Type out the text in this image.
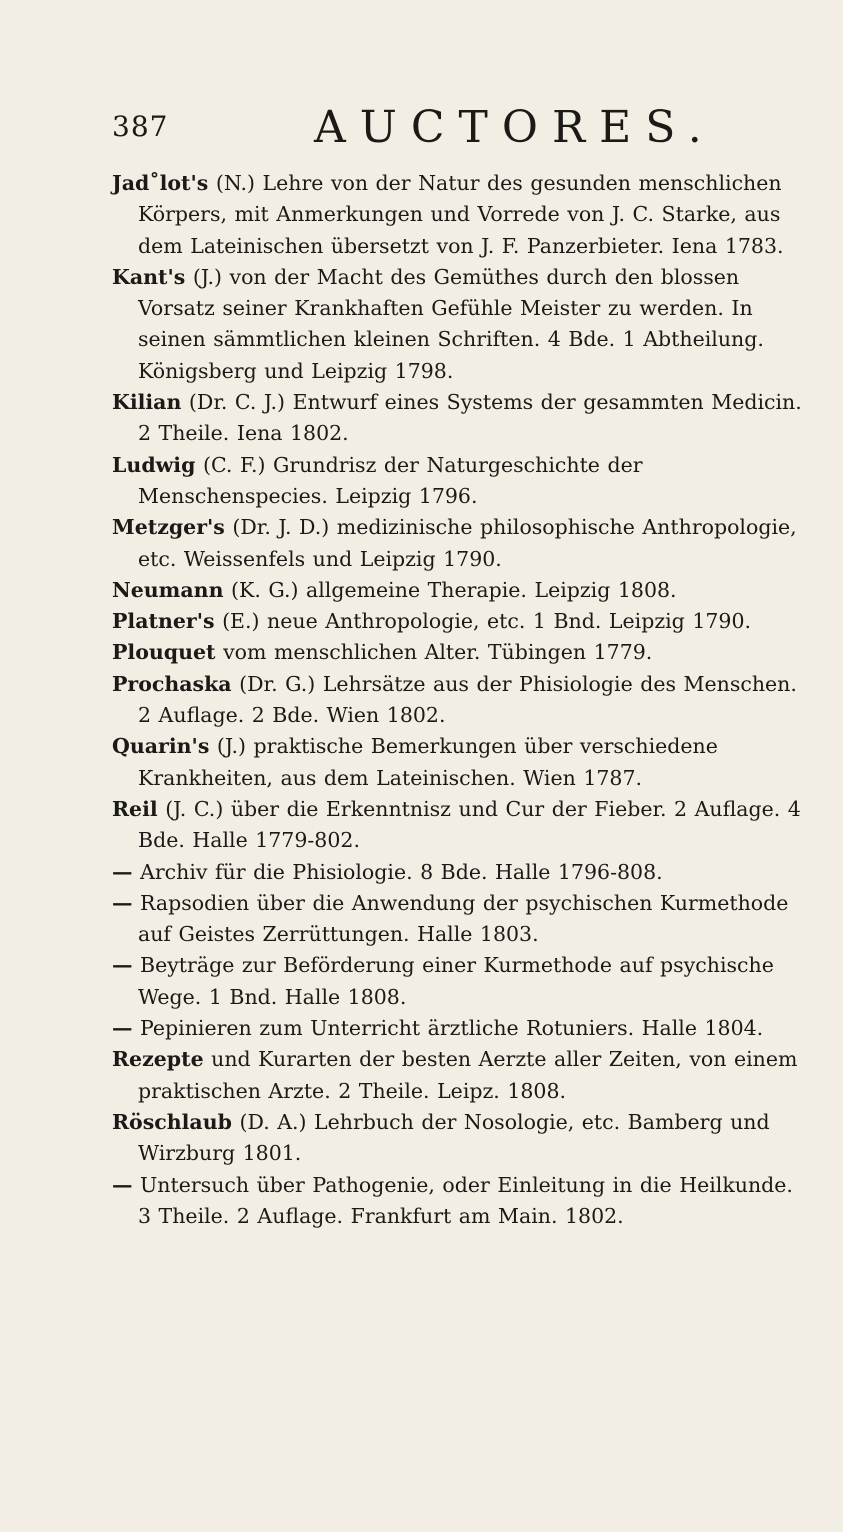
387	AUCTORES.
Jad˚lot's (N.) Lehre von der Natur des gesunden menschlichen Körpers, mit Anmerkungen und Vorrede von J. C. Starke, aus dem Lateinischen übersetzt von J. F. Panzerbieter. Iena 1783.
Kant's (J.) von der Macht des Gemüthes durch den blossen Vorsatz seiner Krankhaften Gefühle Meister zu werden. In seinen sämmtlichen kleinen Schriften. 4 Bde. 1 Abtheilung. Königsberg und Leipzig 1798.
Kilian (Dr. C. J.) Entwurf eines Systems der gesammten Medicin. 2 Theile. Iena 1802.
Ludwig (C. F.) Grundrisz der Naturgeschichte der Menschenspecies. Leipzig 1796.
Metzger's (Dr. J. D.) medizinische philosophische Anthropologie, etc. Weissenfels und Leipzig 1790.
Neumann (K. G.) allgemeine Therapie. Leipzig 1808.
Platner's (E.) neue Anthropologie, etc. 1 Bnd. Leipzig 1790.
Plouquet vom menschlichen Alter. Tübingen 1779.
Prochaska (Dr. G.) Lehrsätze aus der Phisiologie des Menschen. 2 Auflage. 2 Bde. Wien 1802.
Quarin's (J.) praktische Bemerkungen über verschiedene Krankheiten, aus dem Lateinischen. Wien 1787.
Reil (J. C.) über die Erkenntnisz und Cur der Fieber. 2 Auflage. 4 Bde. Halle 1779-802.
— Archiv für die Phisiologie. 8 Bde. Halle 1796-808.
— Rapsodien über die Anwendung der psychischen Kurmethode auf Geistes Zerrüttungen. Halle 1803.
— Beyträge zur Beförderung einer Kurmethode auf psychische Wege. 1 Bnd. Halle 1808.
— Pepinieren zum Unterricht ärztliche Rotuniers. Halle 1804.
Rezepte und Kurarten der besten Aerzte aller Zeiten, von einem praktischen Arzte. 2 Theile. Leipz. 1808.
Röschlaub (D. A.) Lehrbuch der Nosologie, etc. Bamberg und Wirzburg 1801.
— Untersuch über Pathogenie, oder Einleitung in die Heilkunde. 3 Theile. 2 Auflage. Frankfurt am Main. 1802.
